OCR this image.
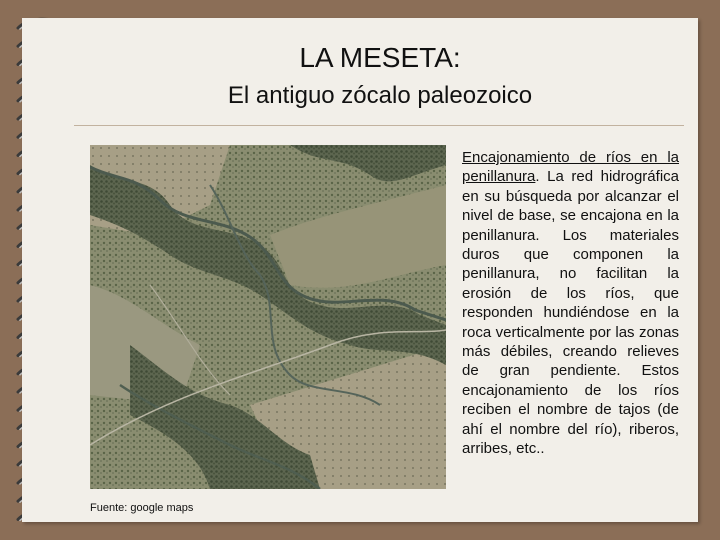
LA MESETA:
El antiguo zócalo paleozoico
Fuente: google maps
Encajonamiento de ríos en la penillanura. La red hidrográfica en su búsqueda por alcanzar el nivel de base, se encajona en la penillanura. Los materiales duros que componen la penillanura, no facilitan la erosión de los ríos, que responden hundiéndose en la roca verticalmente por las zonas más débiles, creando relieves de gran pendiente. Estos encajonamiento de los ríos reciben el nombre de tajos (de ahí el nombre del río), riberos, arribes, etc..
